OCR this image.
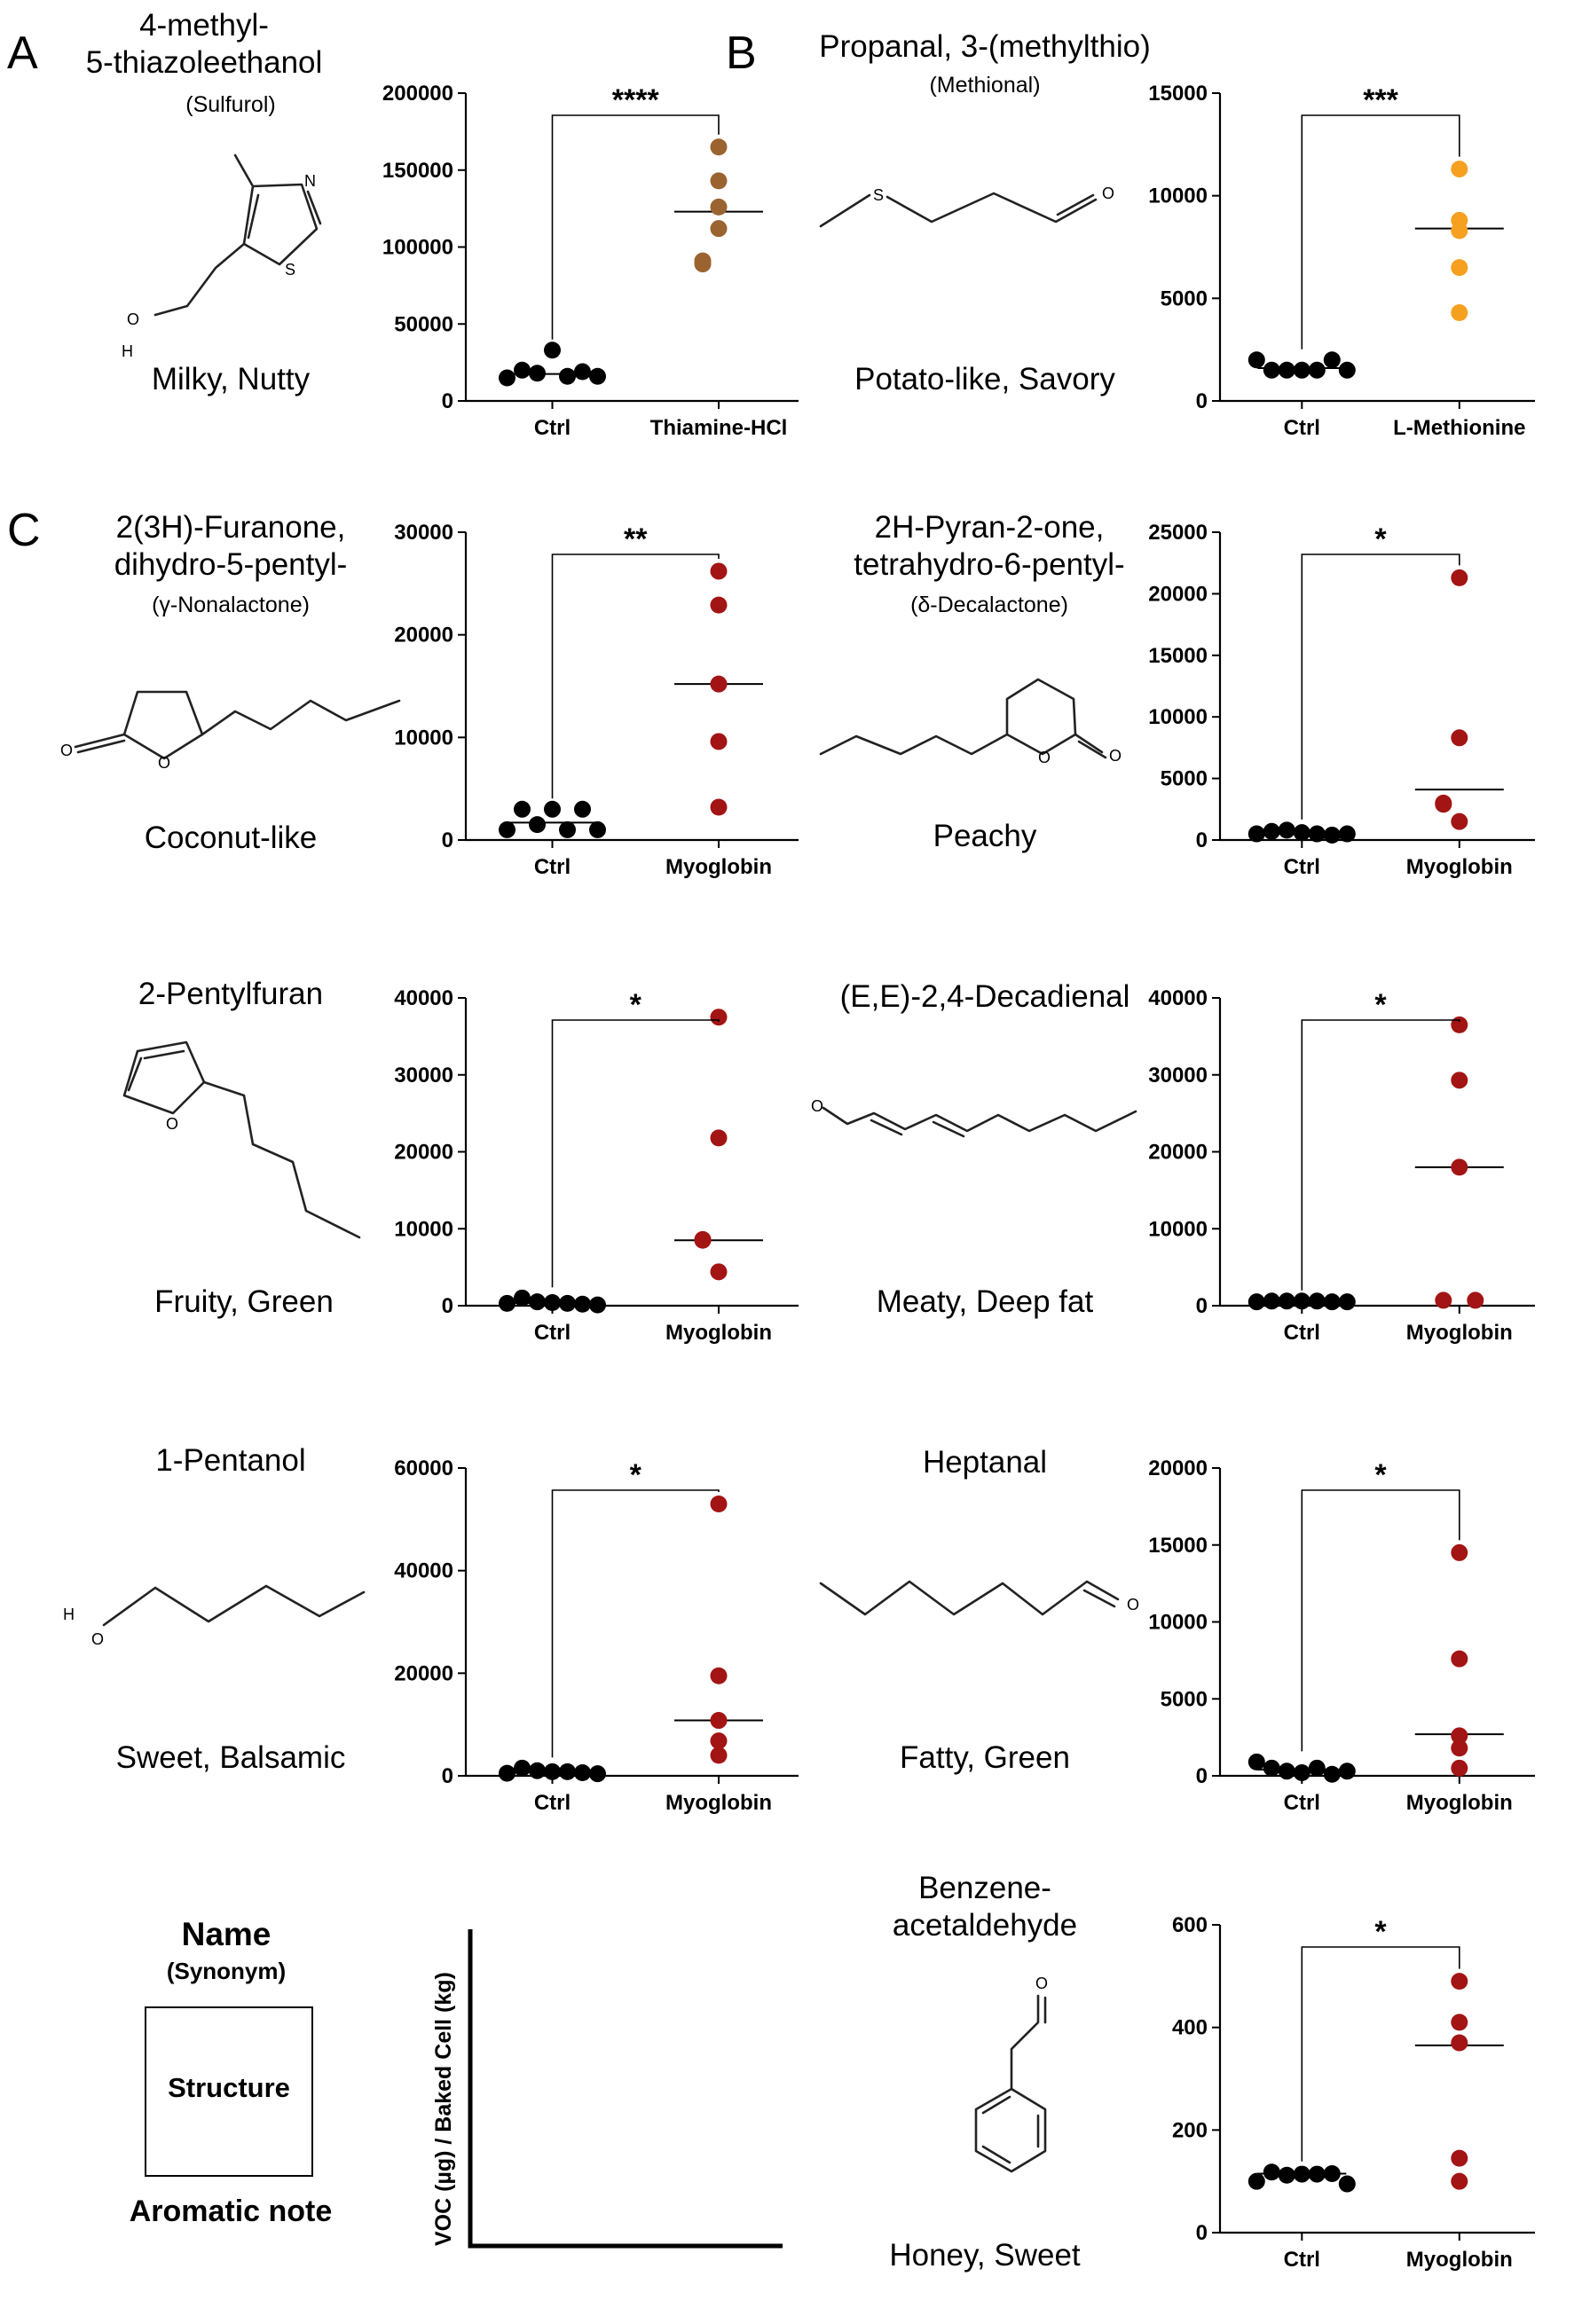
A	B
C
4-methyl-
5-thiazoleethanol
(Sulfurol)
Milky, Nutty
Propanal, 3-(methylthio)
(Methional)
Potato-like, Savory
2(3H)-Furanone,
dihydro-5-pentyl-
(γ-Nonalactone)
Coconut-like
2H-Pyran-2-one,
tetrahydro-6-pentyl-
(δ-Decalactone)
Peachy
2-Pentylfuran
Fruity, Green
(E,E)-2,4-Decadienal
Meaty, Deep fat
1-Pentanol
Sweet, Balsamic
Heptanal
Fatty, Green
Benzene-
acetaldehyde
Honey, Sweet
N
S
O
H
S	O
O
O	O	O
O
O
H
O
O
O
Name
(Synonym)
Structure
Aromatic note	VOC (µg) / Baked Cell (kg)
0
50000
100000
150000
200000
Ctrl	Thiamine-HCl
****
0
5000
10000
15000
Ctrl	L-Methionine
***
0
10000
20000
30000
Ctrl	Myoglobin
**
0
5000
10000
15000
20000
25000
Ctrl	Myoglobin
*
0
10000
20000
30000
40000
Ctrl	Myoglobin
*
0
10000
20000
30000
40000
Ctrl	Myoglobin
*
0
20000
40000
60000
Ctrl	Myoglobin
*
0
5000
10000
15000
20000
Ctrl	Myoglobin
*
0
200
400
600
Ctrl	Myoglobin
*
